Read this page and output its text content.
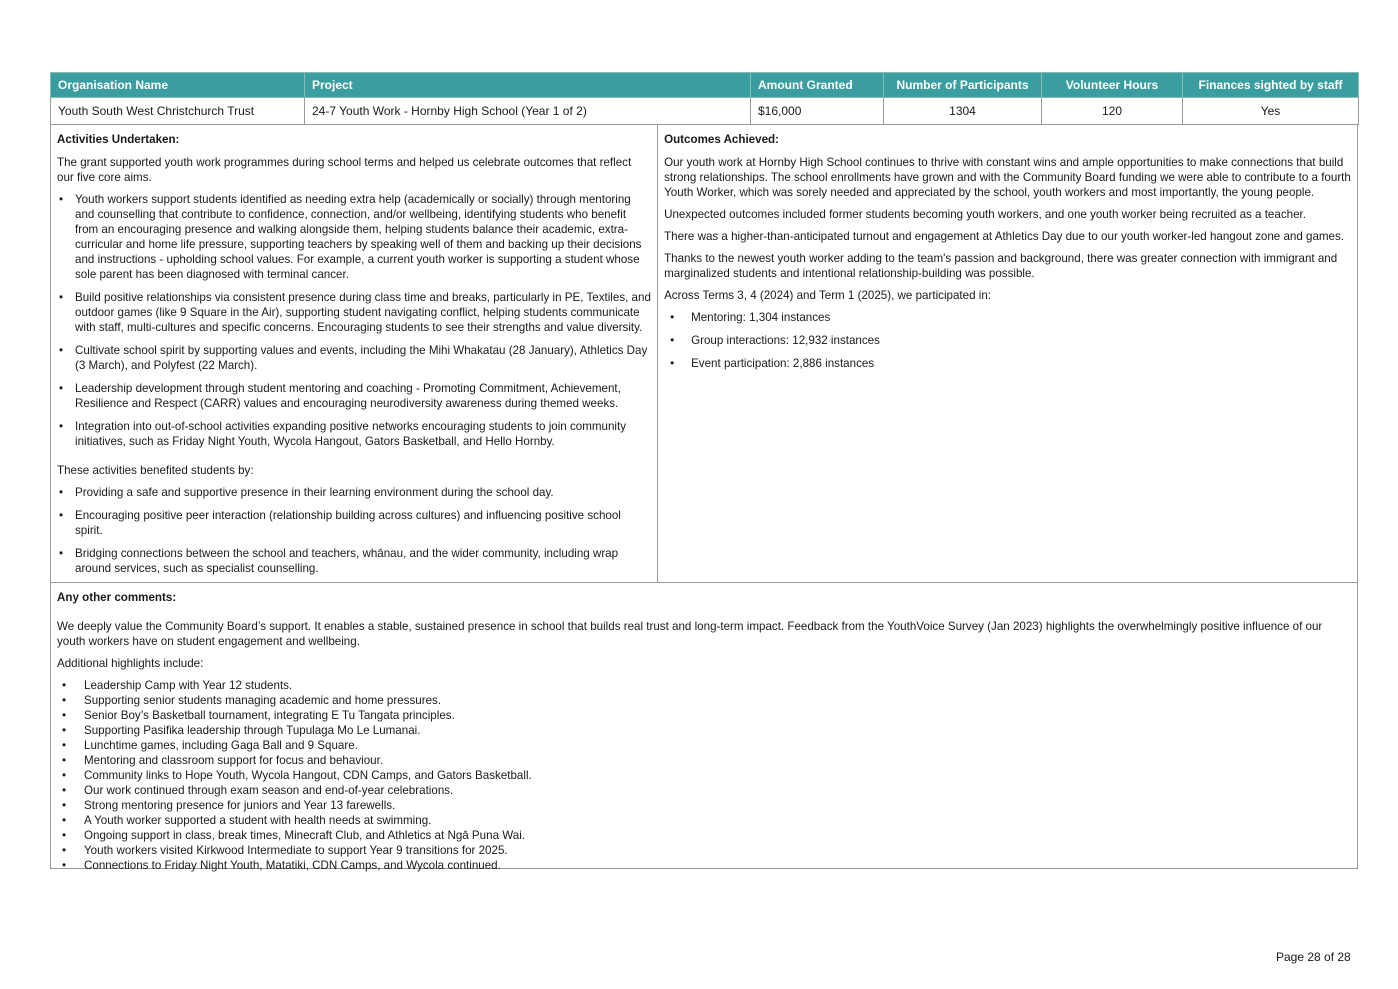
Organisation Name	Project	Amount Granted	Number of Participants	Volunteer Hours	Finances sighted by staff
Youth South West Christchurch Trust	24-7 Youth Work - Hornby High School (Year 1 of 2)	$16,000	1304	120	Yes
Activities Undertaken:

The grant supported youth work programmes during school terms and helped us celebrate outcomes that reflect our five core aims.

• Youth workers support students identified as needing extra help (academically or socially) through mentoring and counselling that contribute to confidence, connection, and/or wellbeing, identifying students who benefit from an encouraging presence and walking alongside them, helping students balance their academic, extra-curricular and home life pressure, supporting teachers by speaking well of them and backing up their decisions and instructions - upholding school values. For example, a current youth worker is supporting a student whose sole parent has been diagnosed with terminal cancer.
• Build positive relationships via consistent presence during class time and breaks, particularly in PE, Textiles, and outdoor games (like 9 Square in the Air), supporting student navigating conflict, helping students communicate with staff, multi-cultures and specific concerns. Encouraging students to see their strengths and value diversity.
• Cultivate school spirit by supporting values and events, including the Mihi Whakatau (28 January), Athletics Day (3 March), and Polyfest (22 March).
• Leadership development through student mentoring and coaching - Promoting Commitment, Achievement, Resilience and Respect (CARR) values and encouraging neurodiversity awareness during themed weeks.
• Integration into out-of-school activities expanding positive networks encouraging students to join community initiatives, such as Friday Night Youth, Wycola Hangout, Gators Basketball, and Hello Hornby.

These activities benefited students by:

• Providing a safe and supportive presence in their learning environment during the school day.
• Encouraging positive peer interaction (relationship building across cultures) and influencing positive school spirit.
• Bridging connections between the school and teachers, whānau, and the wider community, including wrap around services, such as specialist counselling.
Outcomes Achieved:

Our youth work at Hornby High School continues to thrive with constant wins and ample opportunities to make connections that build strong relationships. The school enrollments have grown and with the Community Board funding we were able to contribute to a fourth Youth Worker, which was sorely needed and appreciated by the school, youth workers and most importantly, the young people.

Unexpected outcomes included former students becoming youth workers, and one youth worker being recruited as a teacher.

There was a higher-than-anticipated turnout and engagement at Athletics Day due to our youth worker-led hangout zone and games.

Thanks to the newest youth worker adding to the team's passion and background, there was greater connection with immigrant and marginalized students and intentional relationship-building was possible.

Across Terms 3, 4 (2024) and Term 1 (2025), we participated in:

• Mentoring: 1,304 instances
• Group interactions: 12,932 instances
• Event participation: 2,886 instances
Any other comments:

We deeply value the Community Board’s support. It enables a stable, sustained presence in school that builds real trust and long-term impact. Feedback from the YouthVoice Survey (Jan 2023) highlights the overwhelmingly positive influence of our youth workers have on student engagement and wellbeing.

Additional highlights include:

• Leadership Camp with Year 12 students.
• Supporting senior students managing academic and home pressures.
• Senior Boy’s Basketball tournament, integrating E Tu Tangata principles.
• Supporting Pasifika leadership through Tupulaga Mo Le Lumanai.
• Lunchtime games, including Gaga Ball and 9 Square.
• Mentoring and classroom support for focus and behaviour.
• Community links to Hope Youth, Wycola Hangout, CDN Camps, and Gators Basketball.
• Our work continued through exam season and end-of-year celebrations.
• Strong mentoring presence for juniors and Year 13 farewells.
• A Youth worker supported a student with health needs at swimming.
• Ongoing support in class, break times, Minecraft Club, and Athletics at Ngā Puna Wai.
• Youth workers visited Kirkwood Intermediate to support Year 9 transitions for 2025.
• Connections to Friday Night Youth, Matatiki, CDN Camps, and Wycola continued.
Page 28 of 28
